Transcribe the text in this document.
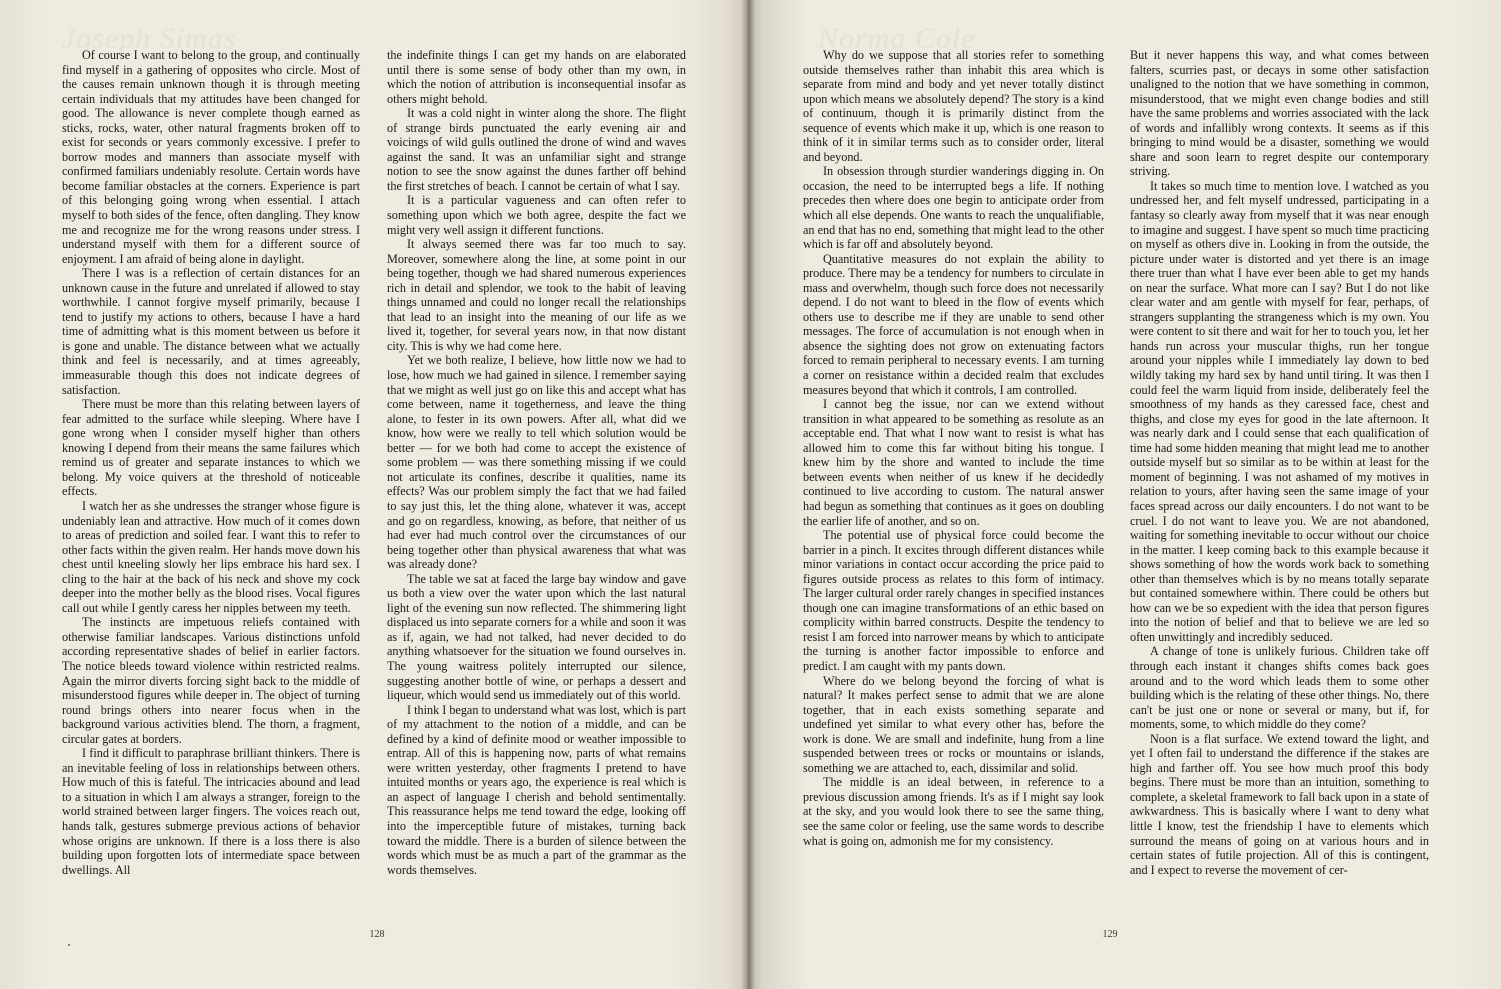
Joseph Simas

Of course I want to belong to the group, and continually find myself in a gathering of opposites who circle. Most of the causes remain unknown though it is through meeting certain individuals that my attitudes have been changed for good. The allowance is never complete though earned as sticks, rocks, water, other natural fragments broken off to exist for seconds or years commonly excessive. I prefer to borrow modes and manners than associate myself with confirmed familiars undeniably resolute. Certain words have become familiar obstacles at the corners. Experience is part of this belonging going wrong when essential. I attach myself to both sides of the fence, often dangling. They know me and recognize me for the wrong reasons under stress. I understand myself with them for a different source of enjoyment. I am afraid of being alone in daylight.

There I was is a reflection of certain distances for an unknown cause in the future and unrelated if allowed to stay worthwhile. I cannot forgive myself primarily, because I tend to justify my actions to others, because I have a hard time of admitting what is this moment between us before it is gone and unable. The distance between what we actually think and feel is necessarily, and at times agreeably, immeasurable though this does not indicate degrees of satisfaction.

There must be more than this relating between layers of fear admitted to the surface while sleeping. Where have I gone wrong when I consider myself higher than others knowing I depend from their means the same failures which remind us of greater and separate instances to which we belong. My voice quivers at the threshold of noticeable effects.

I watch her as she undresses the stranger whose figure is undeniably lean and attractive. How much of it comes down to areas of prediction and soiled fear. I want this to refer to other facts within the given realm. Her hands move down his chest until kneeling slowly her lips embrace his hard sex. I cling to the hair at the back of his neck and shove my cock deeper into the mother belly as the blood rises. Vocal figures call out while I gently caress her nipples between my teeth.

The instincts are impetuous reliefs contained with otherwise familiar landscapes. Various distinctions unfold according representative shades of belief in earlier factors. The notice bleeds toward violence within restricted realms. Again the mirror diverts forcing sight back to the middle of misunderstood figures while deeper in. The object of turning round brings others into nearer focus when in the background various activities blend. The thorn, a fragment, circular gates at borders.

I find it difficult to paraphrase brilliant thinkers. There is an inevitable feeling of loss in relationships between others. How much of this is fateful. The intricacies abound and lead to a situation in which I am always a stranger, foreign to the world strained between larger fingers. The voices reach out, hands talk, gestures submerge previous actions of behavior whose origins are unknown. If there is a loss there is also building upon forgotten lots of intermediate space between dwellings. All

the indefinite things I can get my hands on are elaborated until there is some sense of body other than my own, in which the notion of attribution is inconsequential insofar as others might behold.

It was a cold night in winter along the shore. The flight of strange birds punctuated the early evening air and voicings of wild gulls outlined the drone of wind and waves against the sand. It was an unfamiliar sight and strange notion to see the snow against the dunes farther off behind the first stretches of beach. I cannot be certain of what I say.

It is a particular vagueness and can often refer to something upon which we both agree, despite the fact we might very well assign it different functions.

It always seemed there was far too much to say. Moreover, somewhere along the line, at some point in our being together, though we had shared numerous experiences rich in detail and splendor, we took to the habit of leaving things unnamed and could no longer recall the relationships that lead to an insight into the meaning of our life as we lived it, together, for several years now, in that now distant city. This is why we had come here.

Yet we both realize, I believe, how little now we had to lose, how much we had gained in silence. I remember saying that we might as well just go on like this and accept what has come between, name it togetherness, and leave the thing alone, to fester in its own powers. After all, what did we know, how were we really to tell which solution would be better — for we both had come to accept the existence of some problem — was there something missing if we could not articulate its confines, describe it qualities, name its effects? Was our problem simply the fact that we had failed to say just this, let the thing alone, whatever it was, accept and go on regardless, knowing, as before, that neither of us had ever had much control over the circumstances of our being together other than physical awareness that what was was already done?

The table we sat at faced the large bay window and gave us both a view over the water upon which the last natural light of the evening sun now reflected. The shimmering light displaced us into separate corners for a while and soon it was as if, again, we had not talked, had never decided to do anything whatsoever for the situation we found ourselves in. The young waitress politely interrupted our silence, suggesting another bottle of wine, or perhaps a dessert and liqueur, which would send us immediately out of this world.

I think I began to understand what was lost, which is part of my attachment to the notion of a middle, and can be defined by a kind of definite mood or weather impossible to entrap. All of this is happening now, parts of what remains were written yesterday, other fragments I pretend to have intuited months or years ago, the experience is real which is an aspect of language I cherish and behold sentimentally. This reassurance helps me tend toward the edge, looking off into the imperceptible future of mistakes, turning back toward the middle. There is a burden of silence between the words which must be as much a part of the grammar as the words themselves.

128
Norma Cole

Why do we suppose that all stories refer to something outside themselves rather than inhabit this area which is separate from mind and body and yet never totally distinct upon which means we absolutely depend? The story is a kind of continuum, though it is primarily distinct from the sequence of events which make it up, which is one reason to think of it in similar terms such as to consider order, literal and beyond.

In obsession through sturdier wanderings digging in. On occasion, the need to be interrupted begs a life. If nothing precedes then where does one begin to anticipate order from which all else depends. One wants to reach the unqualifiable, an end that has no end, something that might lead to the other which is far off and absolutely beyond.

Quantitative measures do not explain the ability to produce. There may be a tendency for numbers to circulate in mass and overwhelm, though such force does not necessarily depend. I do not want to bleed in the flow of events which others use to describe me if they are unable to send other messages. The force of accumulation is not enough when in absence the sighting does not grow on extenuating factors forced to remain peripheral to necessary events. I am turning a corner on resistance within a decided realm that excludes measures beyond that which it controls, I am controlled.

I cannot beg the issue, nor can we extend without transition in what appeared to be something as resolute as an acceptable end. That what I now want to resist is what has allowed him to come this far without biting his tongue. I knew him by the shore and wanted to include the time between events when neither of us knew if he decidedly continued to live according to custom. The natural answer had begun as something that continues as it goes on doubling the earlier life of another, and so on.

The potential use of physical force could become the barrier in a pinch. It excites through different distances while minor variations in contact occur according the price paid to figures outside process as relates to this form of intimacy. The larger cultural order rarely changes in specified instances though one can imagine transformations of an ethic based on complicity within barred constructs. Despite the tendency to resist I am forced into narrower means by which to anticipate the turning is another factor impossible to enforce and predict. I am caught with my pants down.

Where do we belong beyond the forcing of what is natural? It makes perfect sense to admit that we are alone together, that in each exists something separate and undefined yet similar to what every other has, before the work is done. We are small and indefinite, hung from a line suspended between trees or rocks or mountains or islands, something we are attached to, each, dissimilar and solid.

The middle is an ideal between, in reference to a previous discussion among friends. It's as if I might say look at the sky, and you would look there to see the same thing, see the same color or feeling, use the same words to describe what is going on, admonish me for my consistency.

But it never happens this way, and what comes between falters, scurries past, or decays in some other satisfaction unaligned to the notion that we have something in common, misunderstood, that we might even change bodies and still have the same problems and worries associated with the lack of words and infallibly wrong contexts. It seems as if this bringing to mind would be a disaster, something we would share and soon learn to regret despite our contemporary striving.

It takes so much time to mention love. I watched as you undressed her, and felt myself undressed, participating in a fantasy so clearly away from myself that it was near enough to imagine and suggest. I have spent so much time practicing on myself as others dive in. Looking in from the outside, the picture under water is distorted and yet there is an image there truer than what I have ever been able to get my hands on near the surface. What more can I say? But I do not like clear water and am gentle with myself for fear, perhaps, of strangers supplanting the strangeness which is my own. You were content to sit there and wait for her to touch you, let her hands run across your muscular thighs, run her tongue around your nipples while I immediately lay down to bed wildly taking my hard sex by hand until tiring. It was then I could feel the warm liquid from inside, deliberately feel the smoothness of my hands as they caressed face, chest and thighs, and close my eyes for good in the late afternoon. It was nearly dark and I could sense that each qualification of time had some hidden meaning that might lead me to another outside myself but so similar as to be within at least for the moment of beginning. I was not ashamed of my motives in relation to yours, after having seen the same image of your faces spread across our daily encounters. I do not want to be cruel. I do not want to leave you. We are not abandoned, waiting for something inevitable to occur without our choice in the matter. I keep coming back to this example because it shows something of how the words work back to something other than themselves which is by no means totally separate but contained somewhere within. There could be others but how can we be so expedient with the idea that person figures into the notion of belief and that to believe we are led so often unwittingly and incredibly seduced.

A change of tone is unlikely furious. Children take off through each instant it changes shifts comes back goes around and to the word which leads them to some other building which is the relating of these other things. No, there can't be just one or none or several or many, but if, for moments, some, to which middle do they come?

Noon is a flat surface. We extend toward the light, and yet I often fail to understand the difference if the stakes are high and farther off. You see how much proof this body begins. There must be more than an intuition, something to complete, a skeletal framework to fall back upon in a state of awkwardness. This is basically where I want to deny what little I know, test the friendship I have to elements which surround the means of going on at various hours and in certain states of futile projection. All of this is contingent, and I expect to reverse the movement of cer-

129
